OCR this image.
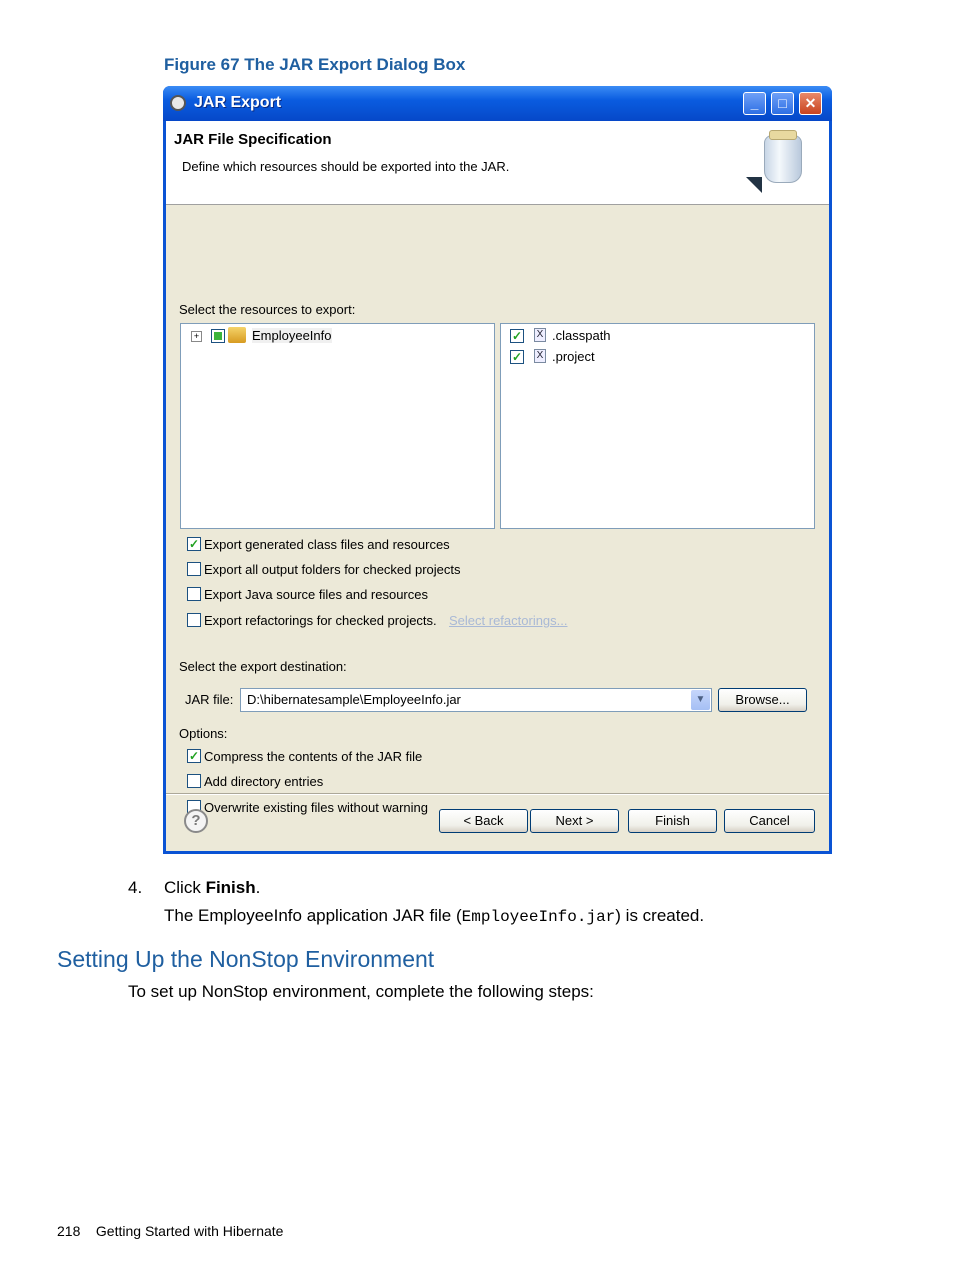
Figure 67 The JAR Export Dialog Box
JAR Export	_	□	✕
JAR File Specification
Define which resources should be exported into the JAR.
Select the resources to export:
+	EmployeeInfo	✓ X .classpath
✓ X .project
✓ Export generated class files and resources
Export all output folders for checked projects
Export Java source files and resources
Export refactorings for checked projects. Select refactorings...
Select the export destination:
JAR file: D:\hibernatesample\EmployeeInfo.jar	▼	Browse...
Options:
✓ Compress the contents of the JAR file
Add directory entries
Overwrite existing files without warning
?	< Back	Next >	Finish	Cancel
4. Click Finish.
The EmployeeInfo application JAR file (EmployeeInfo.jar) is created.
Setting Up the NonStop Environment
To set up NonStop environment, complete the following steps:
218 Getting Started with Hibernate
